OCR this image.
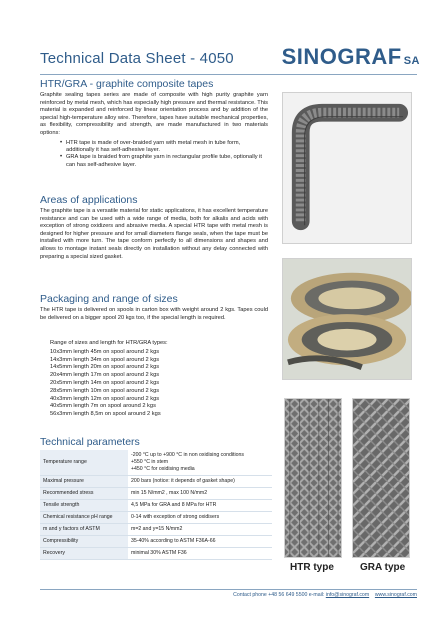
Technical Data Sheet - 4050 SINOGRAF SA
HTR/GRA - graphite composite tapes

Graphite sealing tapes series are made of composite with high purity graphite yarn reinforced by metal mesh, which has especially high pressure and thermal resistance. This material is expanded and reinforced by linear orientation process and by addition of the special high-temperature alloy wire. Therefore, tapes have suitable mechanical properties, as flexibility, compressibility and strength, are made manufactured in two materials options:

• HTR tape is made of over-braided yarn with metal mesh in tube form, additionally it has self-adhesive layer.
• GRA tape is braided from graphite yarn in rectangular profile tube, optionally it can has self-adhesive layer.
Areas of applications

The graphite tape is a versatile material for static applications, it has excellent temperature resistance and can be used with a wide range of media, both for alkalis and acids with exception of strong oxidizers and abrasive media. A special HTR tape with metal mesh is designed for higher pressure and for small diameters flange seals, when the tape must be installed with more turn. The tape conform perfectly to all dimensions and shapes and allows to montage instant seals directly on installation without any delay connected with preparing a special sized gasket.

Packaging and range of sizes

The HTR tape is delivered on spools in carton box with weight around 2 kgs. Tapes could be delivered on a bigger spool 20 kgs too, if the special length is required.

Range of sizes and length for HTR/GRA types:
10x3mm length 45m on spool around 2 kgs
14x3mm length 34m on spool around 2 kgs
14x5mm length 20m on spool around 2 kgs
20x4mm length 17m on spool around 2 kgs
20x5mm length 14m on spool around 2 kgs
28x5mm length 10m on spool around 2 kgs
40x3mm length 12m on spool around 2 kgs
40x5mm length 7m on spool around 2 kgs
56x3mm length 8,5m on spool around 2 kgs
Technical parameters
Temperature range	-200 °C up to +900 °C in non oxidising conditions
+550 °C in stem
+450 °C for oxidising media

Maximal pressure	200 bars (notice: it depends of gasket shape)
Recommended stress	min 15 N/mm2 , max 100 N/mm2
Tensile strength	4,5 MPa for GRA and 8 MPa for HTR
Chemical resistance pH range	0-14 with exception of strong oxidisers
m and y factors of ASTM	m=2 and y=15 N/mm2
Compressibility	35-40% according to ASTM F36A-66
Recovery	minimal 30% ASTM F36
HTR type	GRA type
Contact phone +48 56 649 5500 e-mail: info@sinograf.com www.sinograf.com
